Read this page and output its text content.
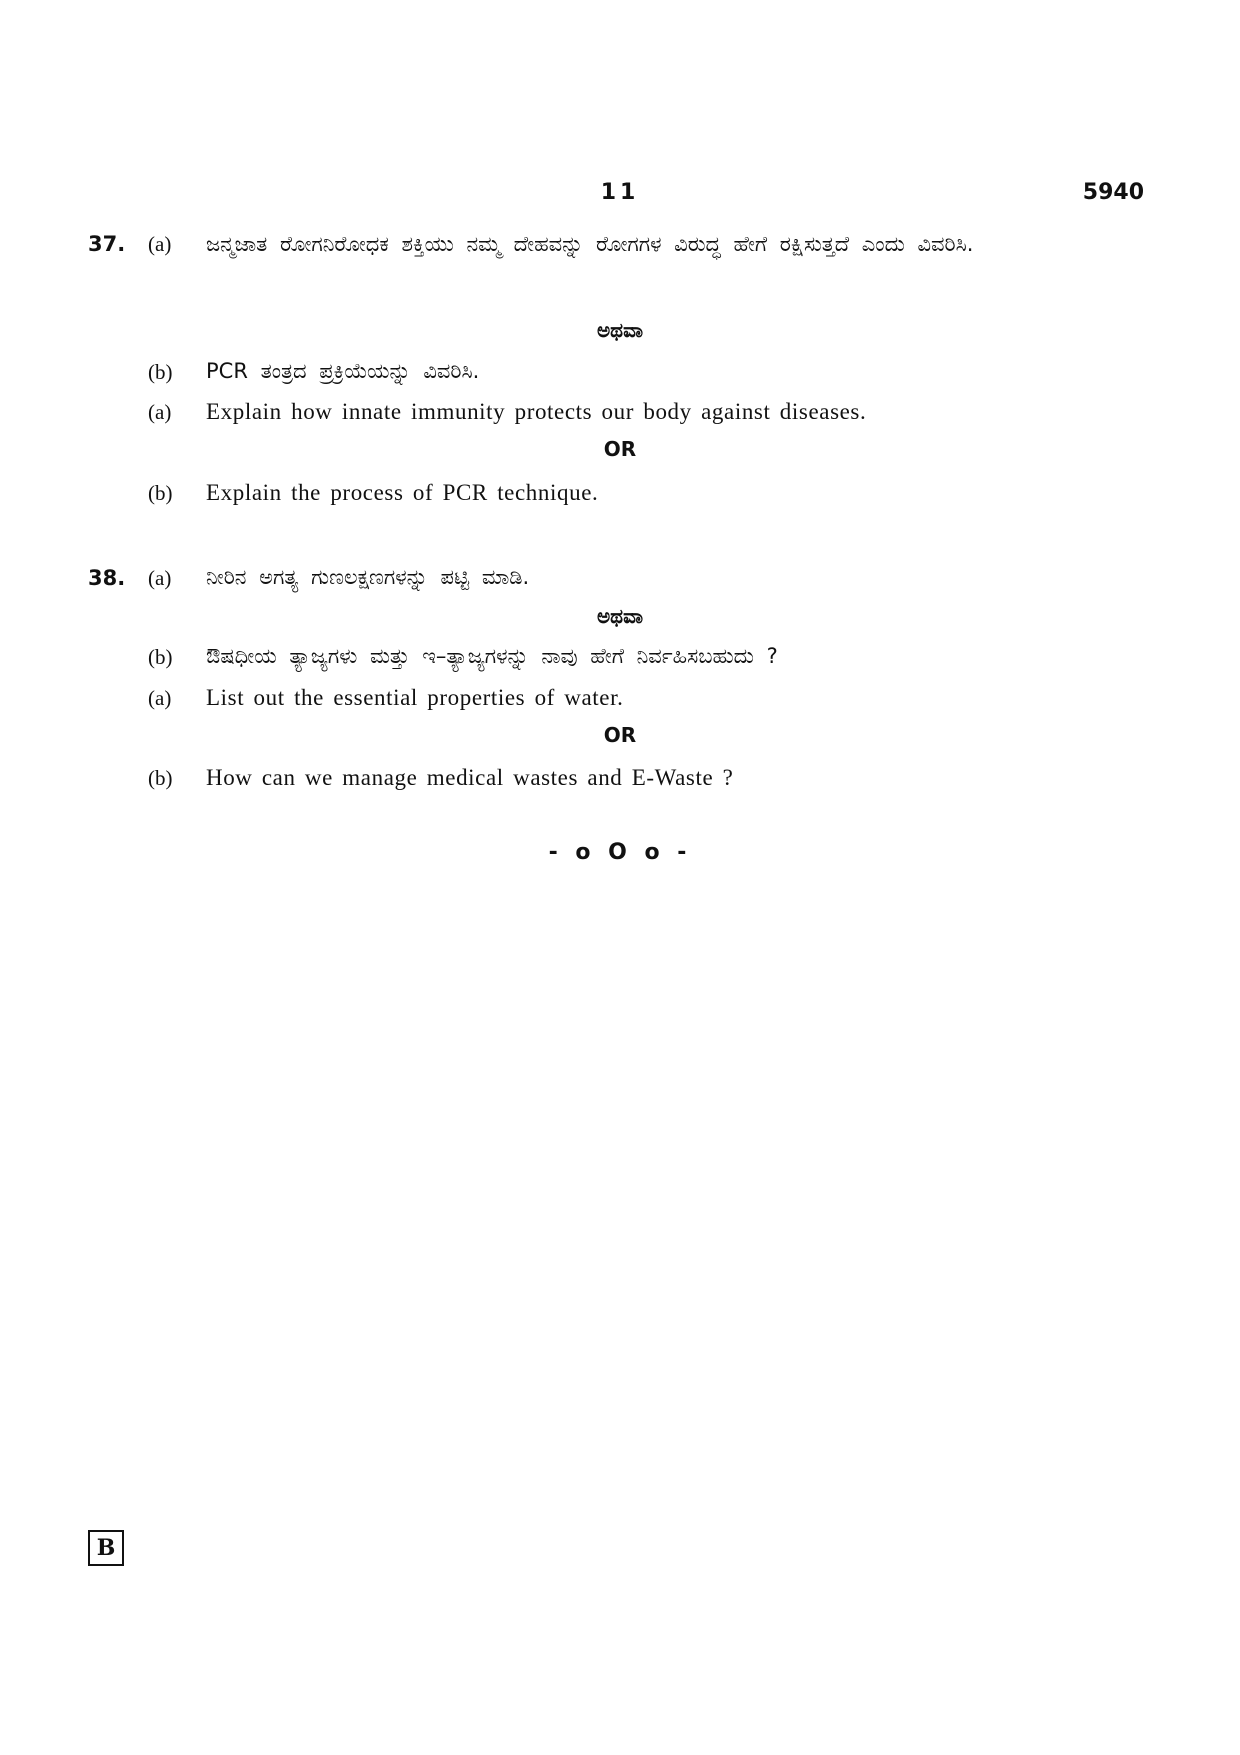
11	5940
37. (a) ಜನ್ಮಜಾತ ರೋಗನಿರೋಧಕ ಶಕ್ತಿಯು ನಮ್ಮ ದೇಹವನ್ನು ರೋಗಗಳ ವಿರುದ್ಧ ಹೇಗೆ ರಕ್ಷಿಸುತ್ತದೆ ಎಂದು ವಿವರಿಸಿ.
ಅಥವಾ
(b) PCR ತಂತ್ರದ ಪ್ರಕ್ರಿಯೆಯನ್ನು ವಿವರಿಸಿ.
(a) Explain how innate immunity protects our body against diseases.
OR
(b) Explain the process of PCR technique.
38. (a) ನೀರಿನ ಅಗತ್ಯ ಗುಣಲಕ್ಷಣಗಳನ್ನು ಪಟ್ಟಿ ಮಾಡಿ.
ಅಥವಾ
(b) ಔಷಧೀಯ ತ್ಯಾಜ್ಯಗಳು ಮತ್ತು ಇ–ತ್ಯಾಜ್ಯಗಳನ್ನು ನಾವು ಹೇಗೆ ನಿರ್ವಹಿಸಬಹುದು ?
(a) List out the essential properties of water.
OR
(b) How can we manage medical wastes and E-Waste ?
- o O o -
B
